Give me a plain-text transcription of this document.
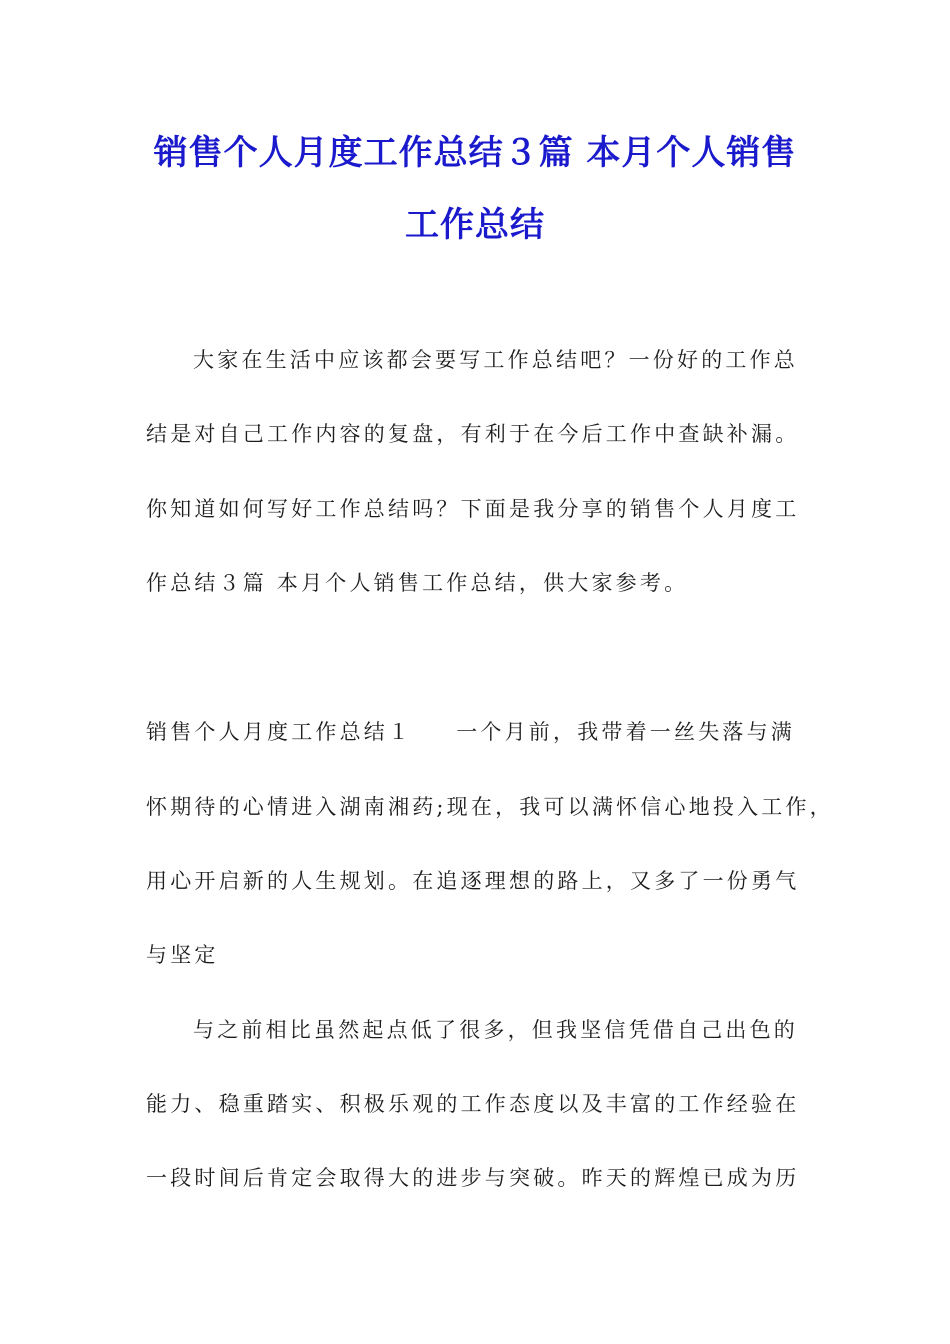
销售个人月度工作总结３篇 本月个人销售
工作总结
大家在生活中应该都会要写工作总结吧？一份好的工作总
结是对自己工作内容的复盘，有利于在今后工作中查缺补漏。
你知道如何写好工作总结吗？下面是我分享的销售个人月度工
作总结３篇 本月个人销售工作总结，供大家参考。
销售个人月度工作总结１ 一个月前，我带着一丝失落与满
怀期待的心情进入湖南湘药;现在，我可以满怀信心地投入工作，
用心开启新的人生规划。在追逐理想的路上，又多了一份勇气
与坚定
与之前相比虽然起点低了很多，但我坚信凭借自己出色的
能力、稳重踏实、积极乐观的工作态度以及丰富的工作经验在
一段时间后肯定会取得大的进步与突破。昨天的辉煌已成为历
